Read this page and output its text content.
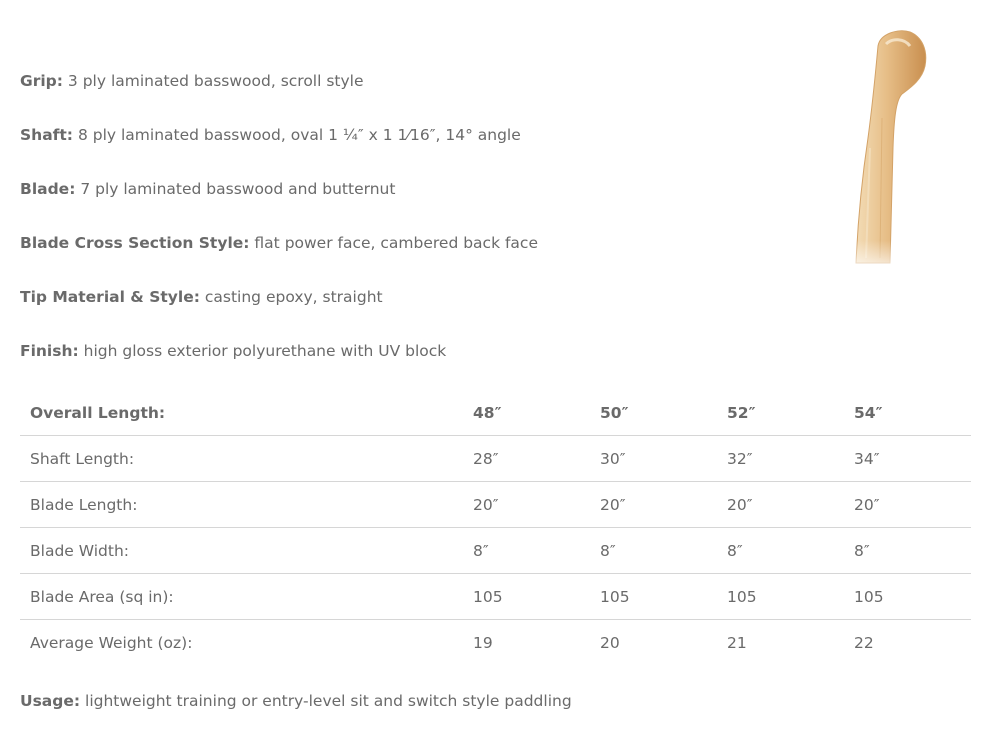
Grip: 3 ply laminated basswood, scroll style
Shaft: 8 ply laminated basswood, oval 1 ¼″ x 1 1⁄16″, 14° angle
Blade: 7 ply laminated basswood and butternut
Blade Cross Section Style: flat power face, cambered back face
Tip Material & Style: casting epoxy, straight
Finish: high gloss exterior polyurethane with UV block
Overall Length:	48″	50″	52″	54″
Shaft Length:	28″	30″	32″	34″
Blade Length:	20″	20″	20″	20″
Blade Width:	8″	8″	8″	8″
Blade Area (sq in):	105	105	105	105
Average Weight (oz):	19	20	21	22
Usage: lightweight training or entry-level sit and switch style paddling
